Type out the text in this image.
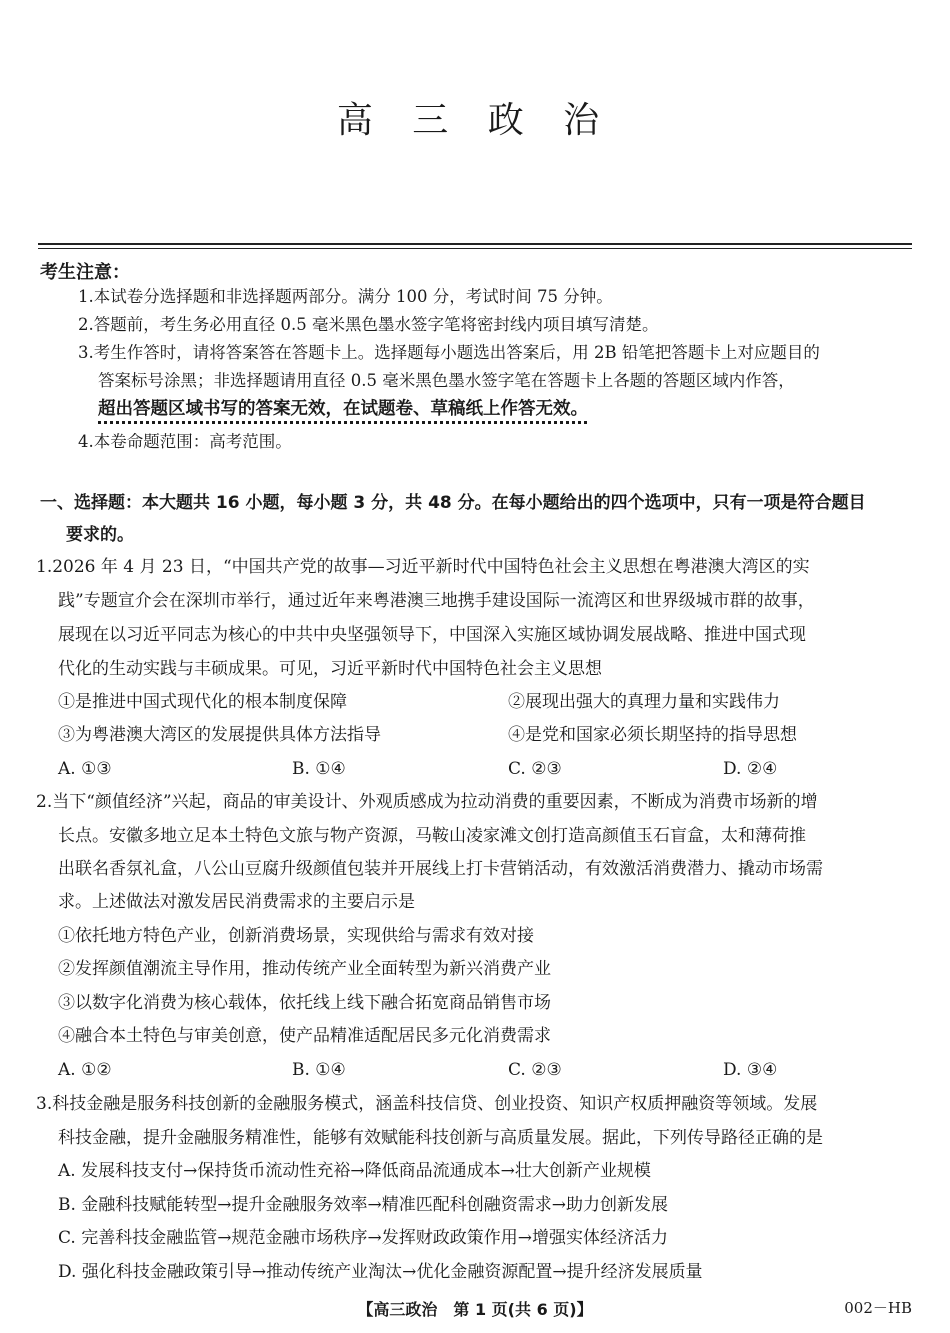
高 三 政 治
考生注意：
1.本试卷分选择题和非选择题两部分。满分 100 分，考试时间 75 分钟。
2.答题前，考生务必用直径 0.5 毫米黑色墨水签字笔将密封线内项目填写清楚。
3.考生作答时，请将答案答在答题卡上。选择题每小题选出答案后，用 2B 铅笔把答题卡上对应题目的
答案标号涂黑；非选择题请用直径 0.5 毫米黑色墨水签字笔在答题卡上各题的答题区域内作答，
超出答题区域书写的答案无效，在试题卷、草稿纸上作答无效。
4.本卷命题范围：高考范围。
一、选择题：本大题共 16 小题，每小题 3 分，共 48 分。在每小题给出的四个选项中，只有一项是符合题目
要求的。
1.2026 年 4 月 23 日，“中国共产党的故事—习近平新时代中国特色社会主义思想在粤港澳大湾区的实
践”专题宣介会在深圳市举行，通过近年来粤港澳三地携手建设国际一流湾区和世界级城市群的故事，
展现在以习近平同志为核心的中共中央坚强领导下，中国深入实施区域协调发展战略、推进中国式现
代化的生动实践与丰硕成果。可见，习近平新时代中国特色社会主义思想
①是推进中国式现代化的根本制度保障	②展现出强大的真理力量和实践伟力
③为粤港澳大湾区的发展提供具体方法指导	④是党和国家必须长期坚持的指导思想
A. ①③	B. ①④	C. ②③	D. ②④
2.当下“颜值经济”兴起，商品的审美设计、外观质感成为拉动消费的重要因素，不断成为消费市场新的增
长点。安徽多地立足本土特色文旅与物产资源，马鞍山凌家滩文创打造高颜值玉石盲盒，太和薄荷推
出联名香氛礼盒，八公山豆腐升级颜值包装并开展线上打卡营销活动，有效激活消费潜力、撬动市场需
求。上述做法对激发居民消费需求的主要启示是
①依托地方特色产业，创新消费场景，实现供给与需求有效对接
②发挥颜值潮流主导作用，推动传统产业全面转型为新兴消费产业
③以数字化消费为核心载体，依托线上线下融合拓宽商品销售市场
④融合本土特色与审美创意，使产品精准适配居民多元化消费需求
A. ①②	B. ①④	C. ②③	D. ③④
3.科技金融是服务科技创新的金融服务模式，涵盖科技信贷、创业投资、知识产权质押融资等领域。发展
科技金融，提升金融服务精准性，能够有效赋能科技创新与高质量发展。据此，下列传导路径正确的是
A. 发展科技支付→保持货币流动性充裕→降低商品流通成本→壮大创新产业规模
B. 金融科技赋能转型→提升金融服务效率→精准匹配科创融资需求→助力创新发展
C. 完善科技金融监管→规范金融市场秩序→发挥财政政策作用→增强实体经济活力
D. 强化科技金融政策引导→推动传统产业淘汰→优化金融资源配置→提升经济发展质量
【高三政治　第 1 页(共 6 页)】	002－HB
